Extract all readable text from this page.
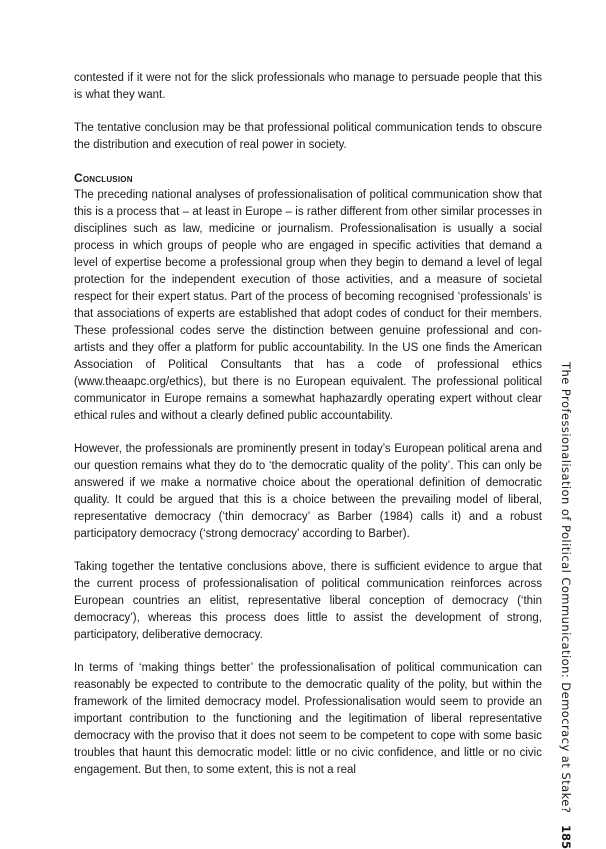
contested if it were not for the slick professionals who manage to persuade people that this is what they want.

The tentative conclusion may be that professional political communication tends to obscure the distribution and execution of real power in society.

Conclusion

The preceding national analyses of professionalisation of political communication show that this is a process that – at least in Europe – is rather different from other similar processes in disciplines such as law, medicine or journalism. Professionalisation is usually a social process in which groups of people who are engaged in specific activities that demand a level of expertise become a professional group when they begin to demand a level of legal protection for the independent execution of those activities, and a measure of societal respect for their expert status. Part of the process of becoming recognised ‘professionals’ is that associations of experts are established that adopt codes of conduct for their members. These professional codes serve the distinction between genuine professional and con-artists and they offer a platform for public accountability. In the US one finds the American Association of Political Consultants that has a code of professional ethics (www.theaapc.org/ethics), but there is no European equivalent. The professional political communicator in Europe remains a somewhat haphazardly operating expert without clear ethical rules and without a clearly defined public accountability.

However, the professionals are prominently present in today’s European political arena and our question remains what they do to ‘the democratic quality of the polity’. This can only be answered if we make a normative choice about the operational definition of democratic quality. It could be argued that this is a choice between the prevailing model of liberal, representative democracy (‘thin democracy’ as Barber (1984) calls it) and a robust participatory democracy (‘strong democracy’ according to Barber).

Taking together the tentative conclusions above, there is sufficient evidence to argue that the current process of professionalisation of political communication reinforces across European countries an elitist, representative liberal conception of democracy (‘thin democracy’), whereas this process does little to assist the development of strong, participatory, deliberative democracy.

In terms of ‘making things better’ the professionalisation of political communication can reasonably be expected to contribute to the democratic quality of the polity, but within the framework of the limited democracy model. Professionalisation would seem to provide an important contribution to the functioning and the legitimation of liberal representative democracy with the proviso that it does not seem to be competent to cope with some basic troubles that haunt this democratic model: little or no civic confidence, and little or no civic engagement. But then, to some extent, this is not a real	The Professionalisation of Political Communication: Democracy at Stake?185
